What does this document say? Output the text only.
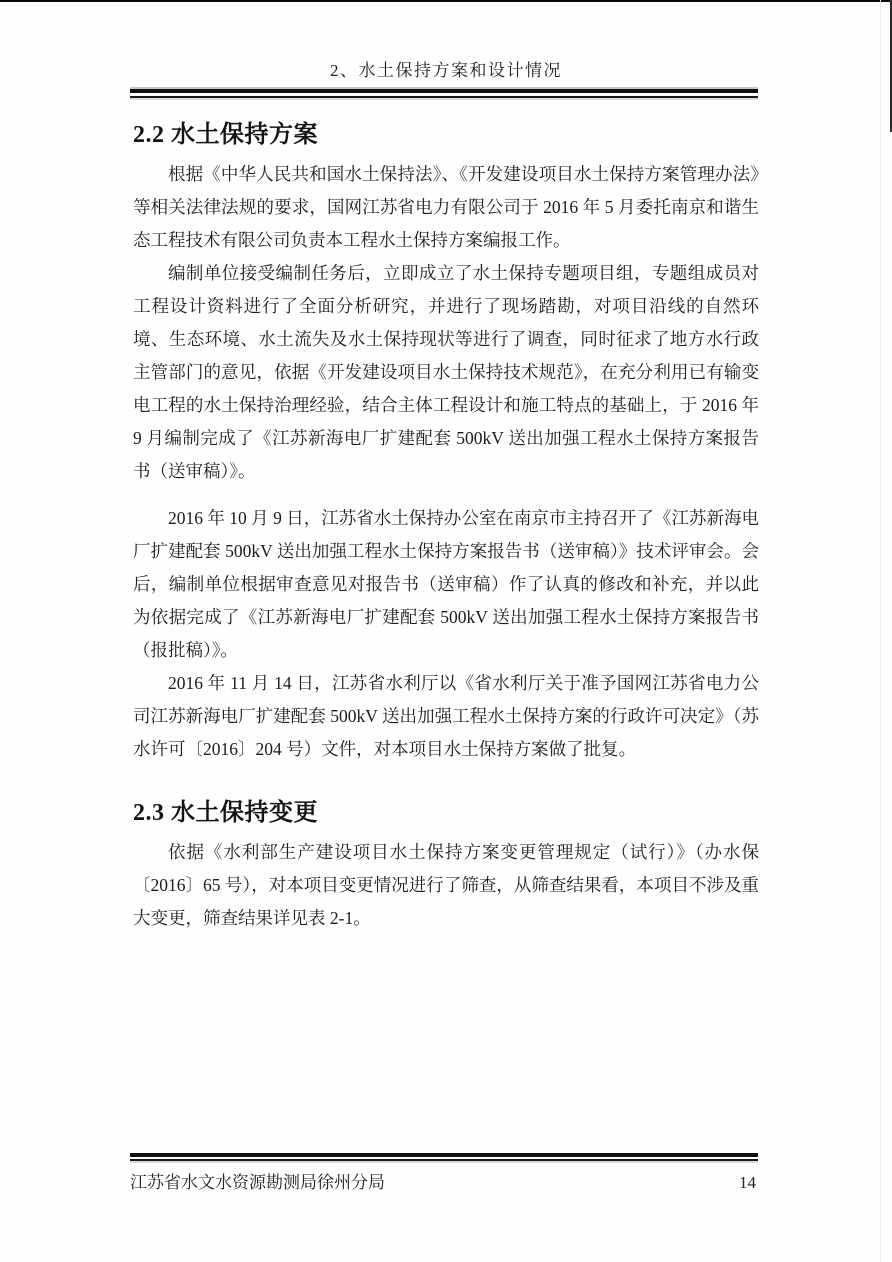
2、水土保持方案和设计情况
2.2 水土保持方案

根据《中华人民共和国水土保持法》、《开发建设项目水土保持方案管理办法》等相关法律法规的要求，国网江苏省电力有限公司于 2016 年 5 月委托南京和谐生态工程技术有限公司负责本工程水土保持方案编报工作。

编制单位接受编制任务后，立即成立了水土保持专题项目组，专题组成员对工程设计资料进行了全面分析研究，并进行了现场踏勘，对项目沿线的自然环境、生态环境、水土流失及水土保持现状等进行了调查，同时征求了地方水行政主管部门的意见，依据《开发建设项目水土保持技术规范》，在充分利用已有输变电工程的水土保持治理经验，结合主体工程设计和施工特点的基础上，于 2016 年 9 月编制完成了《江苏新海电厂扩建配套 500kV 送出加强工程水土保持方案报告书（送审稿）》。

2016 年 10 月 9 日，江苏省水土保持办公室在南京市主持召开了《江苏新海电厂扩建配套 500kV 送出加强工程水土保持方案报告书（送审稿）》技术评审会。会后，编制单位根据审查意见对报告书（送审稿）作了认真的修改和补充，并以此为依据完成了《江苏新海电厂扩建配套 500kV 送出加强工程水土保持方案报告书（报批稿）》。

2016 年 11 月 14 日，江苏省水利厅以《省水利厅关于准予国网江苏省电力公司江苏新海电厂扩建配套 500kV 送出加强工程水土保持方案的行政许可决定》（苏水许可〔2016〕204 号）文件，对本项目水土保持方案做了批复。

2.3 水土保持变更

依据《水利部生产建设项目水土保持方案变更管理规定（试行）》（办水保〔2016〕65 号），对本项目变更情况进行了筛查，从筛查结果看，本项目不涉及重大变更，筛查结果详见表 2-1。

江苏省水文水资源勘测局徐州分局	14
